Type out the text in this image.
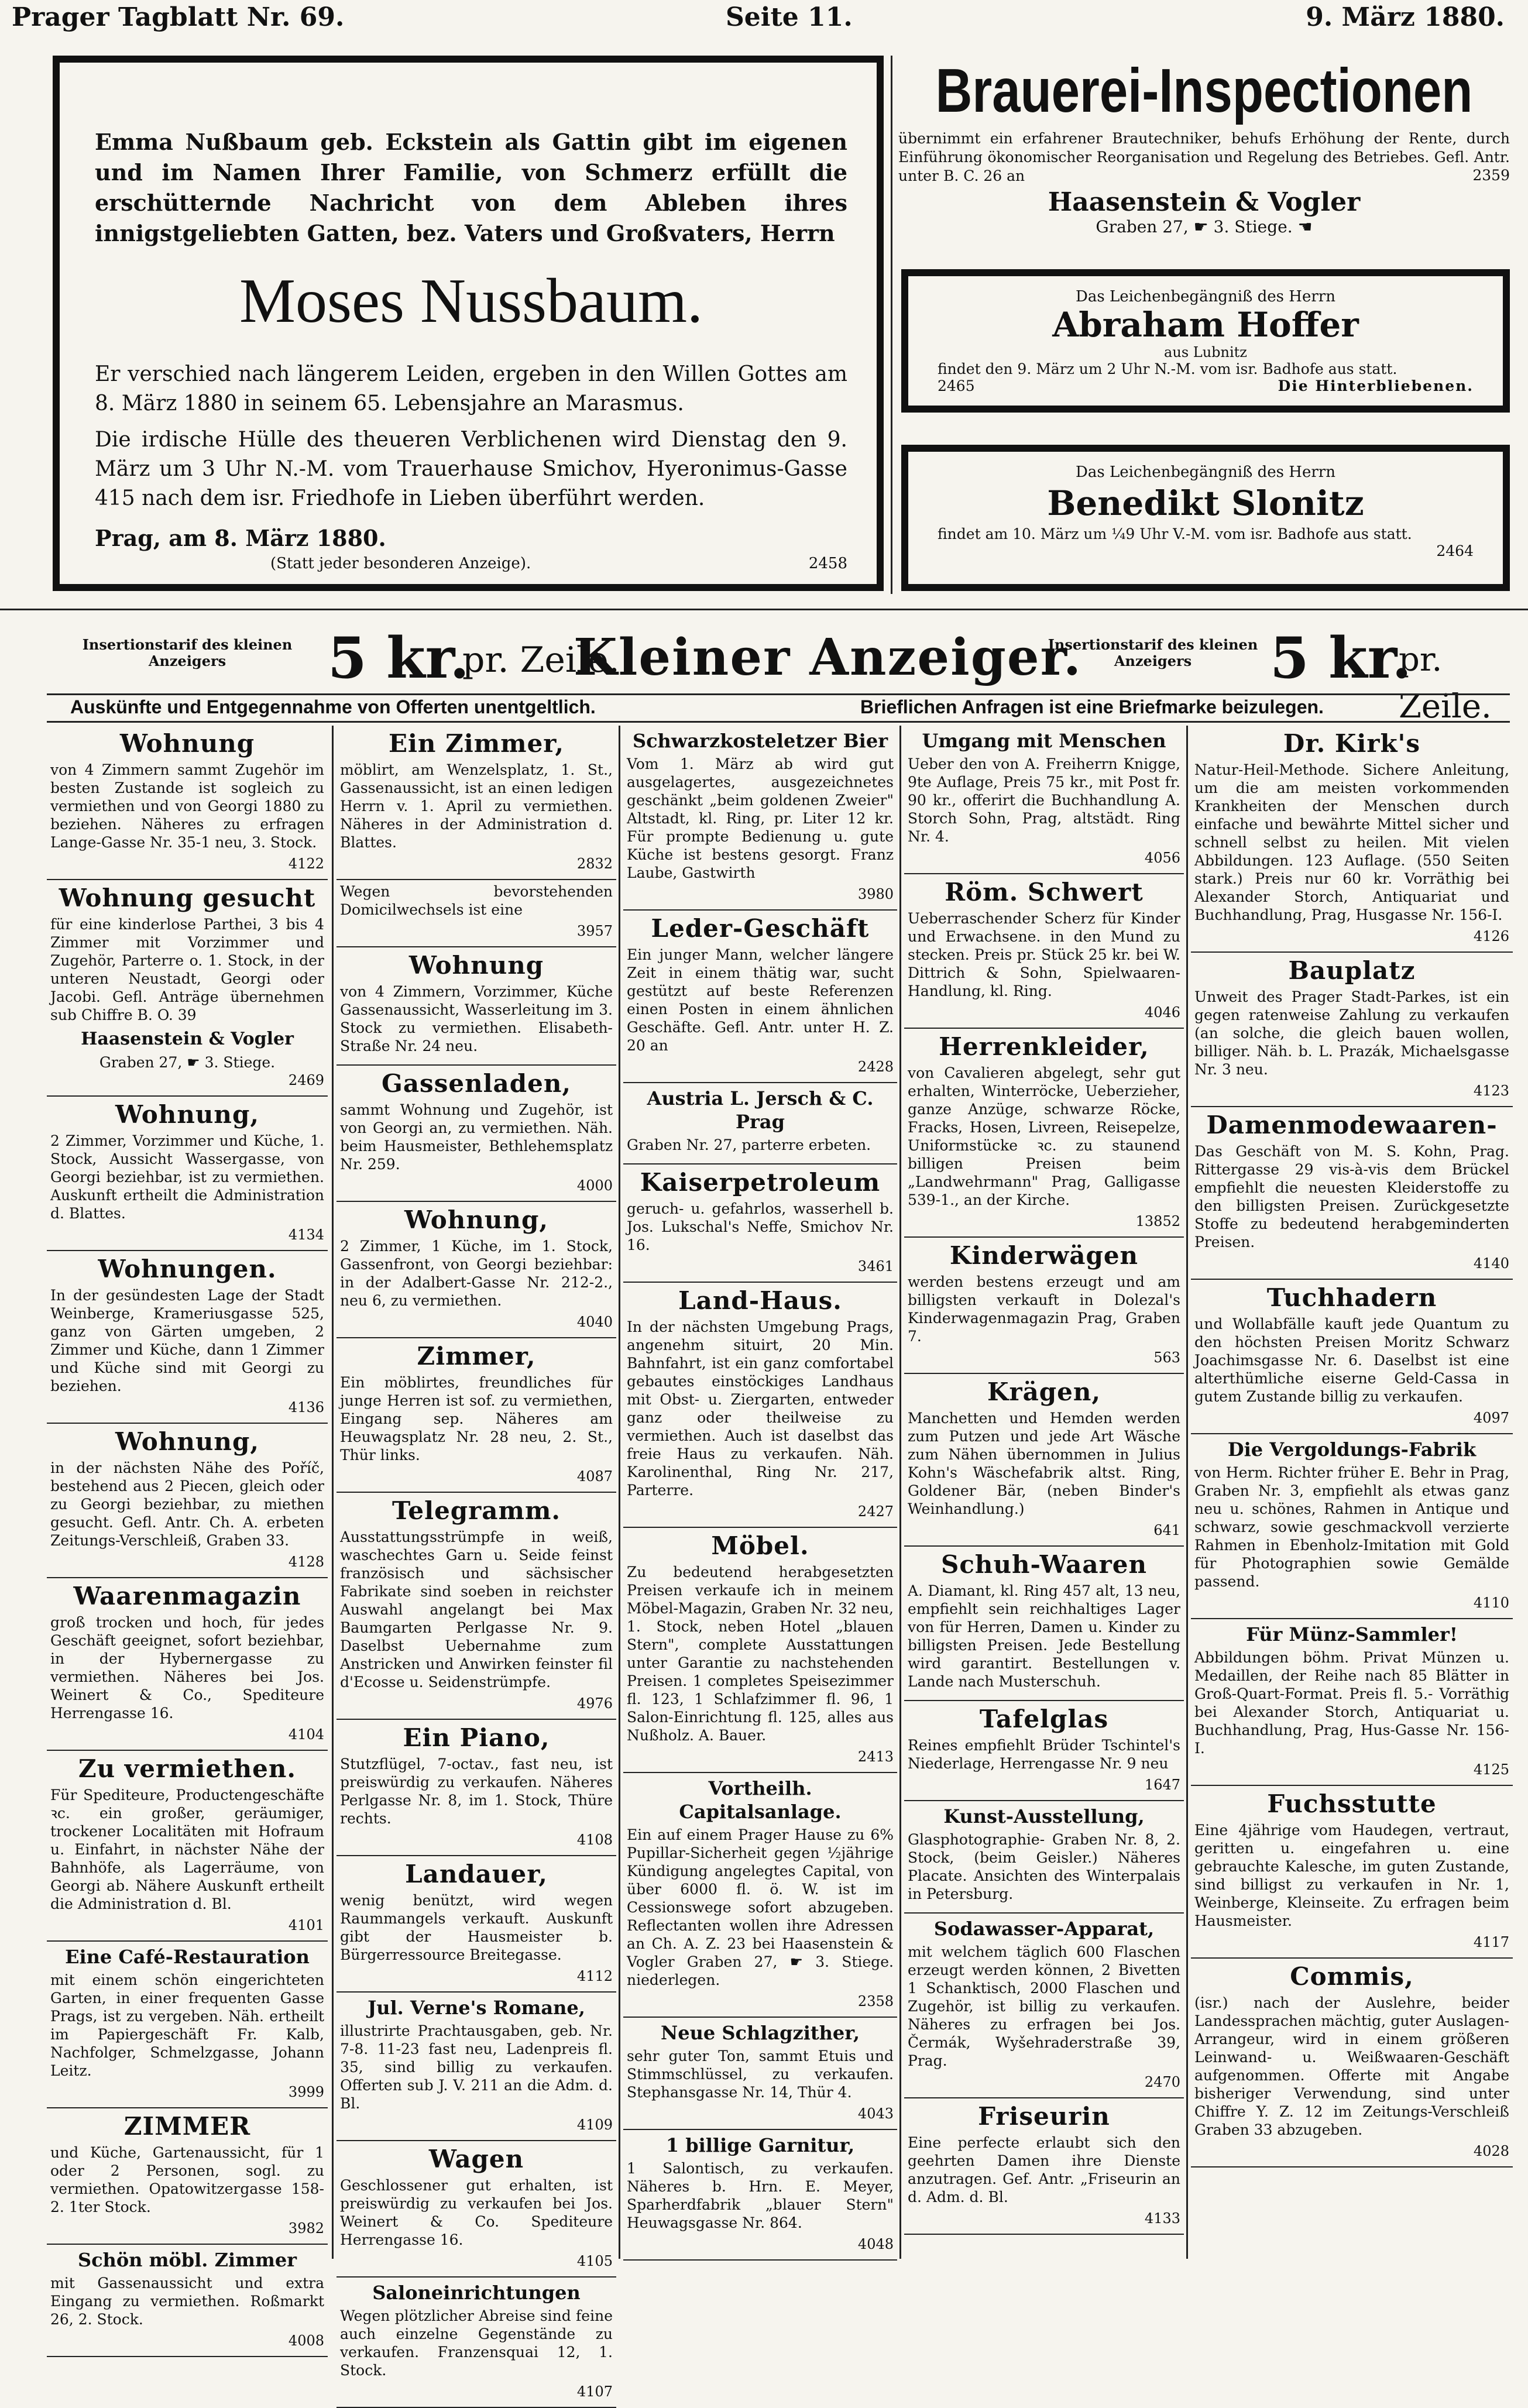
Prager Tagblatt Nr. 69.	Seite 11.	9. März 1880.

Emma Nußbaum geb. Eckstein als Gattin gibt im eigenen und im Namen Ihrer Familie, von Schmerz erfüllt die erschütternde Nachricht von dem Ableben ihres innigstgeliebten Gatten, bez. Vaters und Großvaters, Herrn

Moses Nussbaum.

Er verschied nach längerem Leiden, ergeben in den Willen Gottes am 8. März 1880 in seinem 65. Lebensjahre an Marasmus.

Die irdische Hülle des theueren Verblichenen wird Dienstag den 9. März um 3 Uhr N.-M. vom Trauerhause Smichov, Hyeronimus-Gasse 415 nach dem isr. Friedhofe in Lieben überführt werden.

Prag, am 8. März 1880.

(Statt jeder besonderen Anzeige).	2458
Brauerei-Inspectionen

übernimmt ein erfahrener Brautechniker, behufs Erhöhung der Rente, durch Einführung ökonomischer Reorganisation und Regelung des Betriebes. Gefl. Antr. unter B. C. 26 an	2359
Haasenstein & Vogler
Graben 27, ☛ 3. Stiege. ☚
Das Leichenbegängniß des Herrn
Abraham Hoffer
aus Lubnitz
findet den 9. März um 2 Uhr N.-M. vom isr. Badhofe aus statt.
2465	Die Hinterbliebenen.
Das Leichenbegängniß des Herrn
Benedikt Slonitz
findet am 10. März um ¼9 Uhr V.-M. vom isr. Badhofe aus statt.
2464
Insertionstarif des kleinen Anzeigers	5 kr.
pr. Zeile.
Kleiner Anzeiger.
Insertionstarif des kleinen Anzeigers	5 kr.
pr. Zeile.
Auskünfte und Entgegennahme von Offerten unentgeltlich.	Brieflichen Anfragen ist eine Briefmarke beizulegen.
Wohnung

von 4 Zimmern sammt Zugehör im besten Zustande ist sogleich zu vermiethen und von Georgi 1880 zu beziehen. Näheres zu erfragen Lange-Gasse Nr. 35-1 neu, 3. Stock.

4122
Wohnung gesucht

für eine kinderlose Parthei, 3 bis 4 Zimmer mit Vorzimmer und Zugehör, Parterre o. 1. Stock, in der unteren Neustadt, Georgi oder Jacobi. Gefl. Anträge übernehmen sub Chiffre B. O. 39

Haasenstein & Vogler
Graben 27, ☛ 3. Stiege.
2469
Wohnung,

2 Zimmer, Vorzimmer und Küche, 1. Stock, Aussicht Wassergasse, von Georgi beziehbar, ist zu vermiethen. Auskunft ertheilt die Administration d. Blattes.

4134
Wohnungen.

In der gesündesten Lage der Stadt Weinberge, Krameriusgasse 525, ganz von Gärten umgeben, 2 Zimmer und Küche, dann 1 Zimmer und Küche sind mit Georgi zu beziehen.

4136
Wohnung,

in der nächsten Nähe des Poříč, bestehend aus 2 Piecen, gleich oder zu Georgi beziehbar, zu miethen gesucht. Gefl. Antr. Ch. A. erbeten Zeitungs-Verschleiß, Graben 33.

4128
Waarenmagazin

groß trocken und hoch, für jedes Geschäft geeignet, sofort beziehbar, in der Hybernergasse zu vermiethen. Näheres bei Jos. Weinert & Co., Spediteure Herrengasse 16.

4104
Zu vermiethen.

Für Spediteure, Productengeschäfte ꝛc. ein großer, geräumiger, trockener Localitäten mit Hofraum u. Einfahrt, in nächster Nähe der Bahnhöfe, als Lagerräume, von Georgi ab. Nähere Auskunft ertheilt die Administration d. Bl.

4101
Eine Café-Restauration

mit einem schön eingerichteten Garten, in einer frequenten Gasse Prags, ist zu vergeben. Näh. ertheilt im Papiergeschäft Fr. Kalb, Nachfolger, Schmelzgasse, Johann Leitz.

3999
ZIMMER

und Küche, Gartenaussicht, für 1 oder 2 Personen, sogl. zu vermiethen. Opatowitzergasse 158-2. 1ter Stock.

3982
Schön möbl. Zimmer

mit Gassenaussicht und extra Eingang zu vermiethen. Roßmarkt 26, 2. Stock.

4008
Ein Zimmer,

möblirt, am Wenzelsplatz, 1. St., Gassenaussicht, ist an einen ledigen Herrn v. 1. April zu vermiethen. Näheres in der Administration d. Blattes.

2832

Wegen bevorstehenden Domicilwechsels ist eine

3957
Wohnung

von 4 Zimmern, Vorzimmer, Küche Gassenaussicht, Wasserleitung im 3. Stock zu vermiethen. Elisabeth-Straße Nr. 24 neu.

Gassenladen,

sammt Wohnung und Zugehör, ist von Georgi an, zu vermiethen. Näh. beim Hausmeister, Bethlehemsplatz Nr. 259.

4000
Wohnung,

2 Zimmer, 1 Küche, im 1. Stock, Gassenfront, von Georgi beziehbar: in der Adalbert-Gasse Nr. 212-2., neu 6, zu vermiethen.

4040
Zimmer,

Ein möblirtes, freundliches für junge Herren ist sof. zu vermiethen, Eingang sep. Näheres am Heuwagsplatz Nr. 28 neu, 2. St., Thür links.

4087
Telegramm.

Ausstattungsstrümpfe in weiß, waschechtes Garn u. Seide feinst französisch und sächsischer Fabrikate sind soeben in reichster Auswahl angelangt bei Max Baumgarten Perlgasse Nr. 9. Daselbst Uebernahme zum Anstricken und Anwirken feinster fil d'Ecosse u. Seidenstrümpfe.

4976
Ein Piano,

Stutzflügel, 7-octav., fast neu, ist preiswürdig zu verkaufen. Näheres Perlgasse Nr. 8, im 1. Stock, Thüre rechts.

4108
Landauer,

wenig benützt, wird wegen Raummangels verkauft. Auskunft gibt der Hausmeister b. Bürgerressource Breitegasse.

4112
Jul. Verne's Romane,

illustrirte Prachtausgaben, geb. Nr. 7-8. 11-23 fast neu, Ladenpreis fl. 35, sind billig zu verkaufen. Offerten sub J. V. 211 an die Adm. d. Bl.

4109
Wagen

Geschlossener gut erhalten, ist preiswürdig zu verkaufen bei Jos. Weinert & Co. Spediteure Herrengasse 16.

4105
Saloneinrichtungen

Wegen plötzlicher Abreise sind feine auch einzelne Gegenstände zu verkaufen. Franzensquai 12, 1. Stock.

4107
Schwarzkosteletzer Bier

Vom 1. März ab wird gut ausgelagertes, ausgezeichnetes geschänkt „beim goldenen Zweier" Altstadt, kl. Ring, pr. Liter 12 kr. Für prompte Bedienung u. gute Küche ist bestens gesorgt. Franz Laube, Gastwirth

3980
Leder-Geschäft

Ein junger Mann, welcher längere Zeit in einem thätig war, sucht gestützt auf beste Referenzen einen Posten in einem ähnlichen Geschäfte. Gefl. Antr. unter H. Z. 20 an

2428
Austria L. Jersch & C. Prag

Graben Nr. 27, parterre erbeten.

Kaiserpetroleum

geruch- u. gefahrlos, wasserhell b. Jos. Lukschal's Neffe, Smichov Nr. 16.

3461
Land-Haus.

In der nächsten Umgebung Prags, angenehm situirt, 20 Min. Bahnfahrt, ist ein ganz comfortabel gebautes einstöckiges Landhaus mit Obst- u. Ziergarten, entweder ganz oder theilweise zu vermiethen. Auch ist daselbst das freie Haus zu verkaufen. Näh. Karolinenthal, Ring Nr. 217, Parterre.

2427
Möbel.

Zu bedeutend herabgesetzten Preisen verkaufe ich in meinem Möbel-Magazin, Graben Nr. 32 neu, 1. Stock, neben Hotel „blauen Stern", complete Ausstattungen unter Garantie zu nachstehenden Preisen. 1 completes Speisezimmer fl. 123, 1 Schlafzimmer fl. 96, 1 Salon-Einrichtung fl. 125, alles aus Nußholz. A. Bauer.

2413
Vortheilh. Capitalsanlage.

Ein auf einem Prager Hause zu 6% Pupillar-Sicherheit gegen ½jährige Kündigung angelegtes Capital, von über 6000 fl. ö. W. ist im Cessionswege sofort abzugeben. Reflectanten wollen ihre Adressen an Ch. A. Z. 23 bei Haasenstein & Vogler Graben 27, ☛ 3. Stiege. niederlegen.

2358
Neue Schlagzither,

sehr guter Ton, sammt Etuis und Stimmschlüssel, zu verkaufen. Stephansgasse Nr. 14, Thür 4.

4043
1 billige Garnitur,

1 Salontisch, zu verkaufen. Näheres b. Hrn. E. Meyer, Sparherdfabrik „blauer Stern" Heuwagsgasse Nr. 864.

4048
Umgang mit Menschen

Ueber den von A. Freiherrn Knigge, 9te Auflage, Preis 75 kr., mit Post fr. 90 kr., offerirt die Buchhandlung A. Storch Sohn, Prag, altstädt. Ring Nr. 4.

4056
Röm. Schwert

Ueberraschender Scherz für Kinder und Erwachsene. in den Mund zu stecken. Preis pr. Stück 25 kr. bei W. Dittrich & Sohn, Spielwaaren-Handlung, kl. Ring.

4046
Herrenkleider,

von Cavalieren abgelegt, sehr gut erhalten, Winterröcke, Ueberzieher, ganze Anzüge, schwarze Röcke, Fracks, Hosen, Livreen, Reisepelze, Uniformstücke ꝛc. zu staunend billigen Preisen beim „Landwehrmann" Prag, Galligasse 539-1., an der Kirche.

13852
Kinderwägen

werden bestens erzeugt und am billigsten verkauft in Dolezal's Kinderwagenmagazin Prag, Graben 7.

563
Krägen,

Manchetten und Hemden werden zum Putzen und jede Art Wäsche zum Nähen übernommen in Julius Kohn's Wäschefabrik altst. Ring, Goldener Bär, (neben Binder's Weinhandlung.)

641
Schuh-Waaren

A. Diamant, kl. Ring 457 alt, 13 neu, empfiehlt sein reichhaltiges Lager von für Herren, Damen u. Kinder zu billigsten Preisen. Jede Bestellung wird garantirt. Bestellungen v. Lande nach Musterschuh.

Tafelglas

Reines empfiehlt Brüder Tschintel's Niederlage, Herrengasse Nr. 9 neu

1647
Kunst-Ausstellung,

Glasphotographie- Graben Nr. 8, 2. Stock, (beim Geisler.) Näheres Placate. Ansichten des Winterpalais in Petersburg.

Sodawasser-Apparat,

mit welchem täglich 600 Flaschen erzeugt werden können, 2 Bivetten 1 Schanktisch, 2000 Flaschen und Zugehör, ist billig zu verkaufen. Näheres zu erfragen bei Jos. Čermák, Wyšehraderstraße 39, Prag.

2470
Friseurin

Eine perfecte erlaubt sich den geehrten Damen ihre Dienste anzutragen. Gef. Antr. „Friseurin an d. Adm. d. Bl.

4133
Dr. Kirk's

Natur-Heil-Methode. Sichere Anleitung, um die am meisten vorkommenden Krankheiten der Menschen durch einfache und bewährte Mittel sicher und schnell selbst zu heilen. Mit vielen Abbildungen. 123 Auflage. (550 Seiten stark.) Preis nur 60 kr. Vorräthig bei Alexander Storch, Antiquariat und Buchhandlung, Prag, Husgasse Nr. 156-I.

4126
Bauplatz

Unweit des Prager Stadt-Parkes, ist ein gegen ratenweise Zahlung zu verkaufen (an solche, die gleich bauen wollen, billiger. Näh. b. L. Prazák, Michaelsgasse Nr. 3 neu.

4123
Damenmodewaaren-

Das Geschäft von M. S. Kohn, Prag. Rittergasse 29 vis-à-vis dem Brückel empfiehlt die neuesten Kleiderstoffe zu den billigsten Preisen. Zurückgesetzte Stoffe zu bedeutend herabgeminderten Preisen.

4140
Tuchhadern

und Wollabfälle kauft jede Quantum zu den höchsten Preisen Moritz Schwarz Joachimsgasse Nr. 6. Daselbst ist eine alterthümliche eiserne Geld-Cassa in gutem Zustande billig zu verkaufen.

4097
Die Vergoldungs-Fabrik

von Herm. Richter früher E. Behr in Prag, Graben Nr. 3, empfiehlt als etwas ganz neu u. schönes, Rahmen in Antique und schwarz, sowie geschmackvoll verzierte Rahmen in Ebenholz-Imitation mit Gold für Photographien sowie Gemälde passend.

4110
Für Münz-Sammler!

Abbildungen böhm. Privat Münzen u. Medaillen, der Reihe nach 85 Blätter in Groß-Quart-Format. Preis fl. 5.- Vorräthig bei Alexander Storch, Antiquariat u. Buchhandlung, Prag, Hus-Gasse Nr. 156-I.

4125
Fuchsstutte

Eine 4jährige vom Haudegen, vertraut, geritten u. eingefahren u. eine gebrauchte Kalesche, im guten Zustande, sind billigst zu verkaufen in Nr. 1, Weinberge, Kleinseite. Zu erfragen beim Hausmeister.

4117
Commis,

(isr.) nach der Auslehre, beider Landessprachen mächtig, guter Auslagen-Arrangeur, wird in einem größeren Leinwand- u. Weißwaaren-Geschäft aufgenommen. Offerte mit Angabe bisheriger Verwendung, sind unter Chiffre Y. Z. 12 im Zeitungs-Verschleiß Graben 33 abzugeben.

4028
